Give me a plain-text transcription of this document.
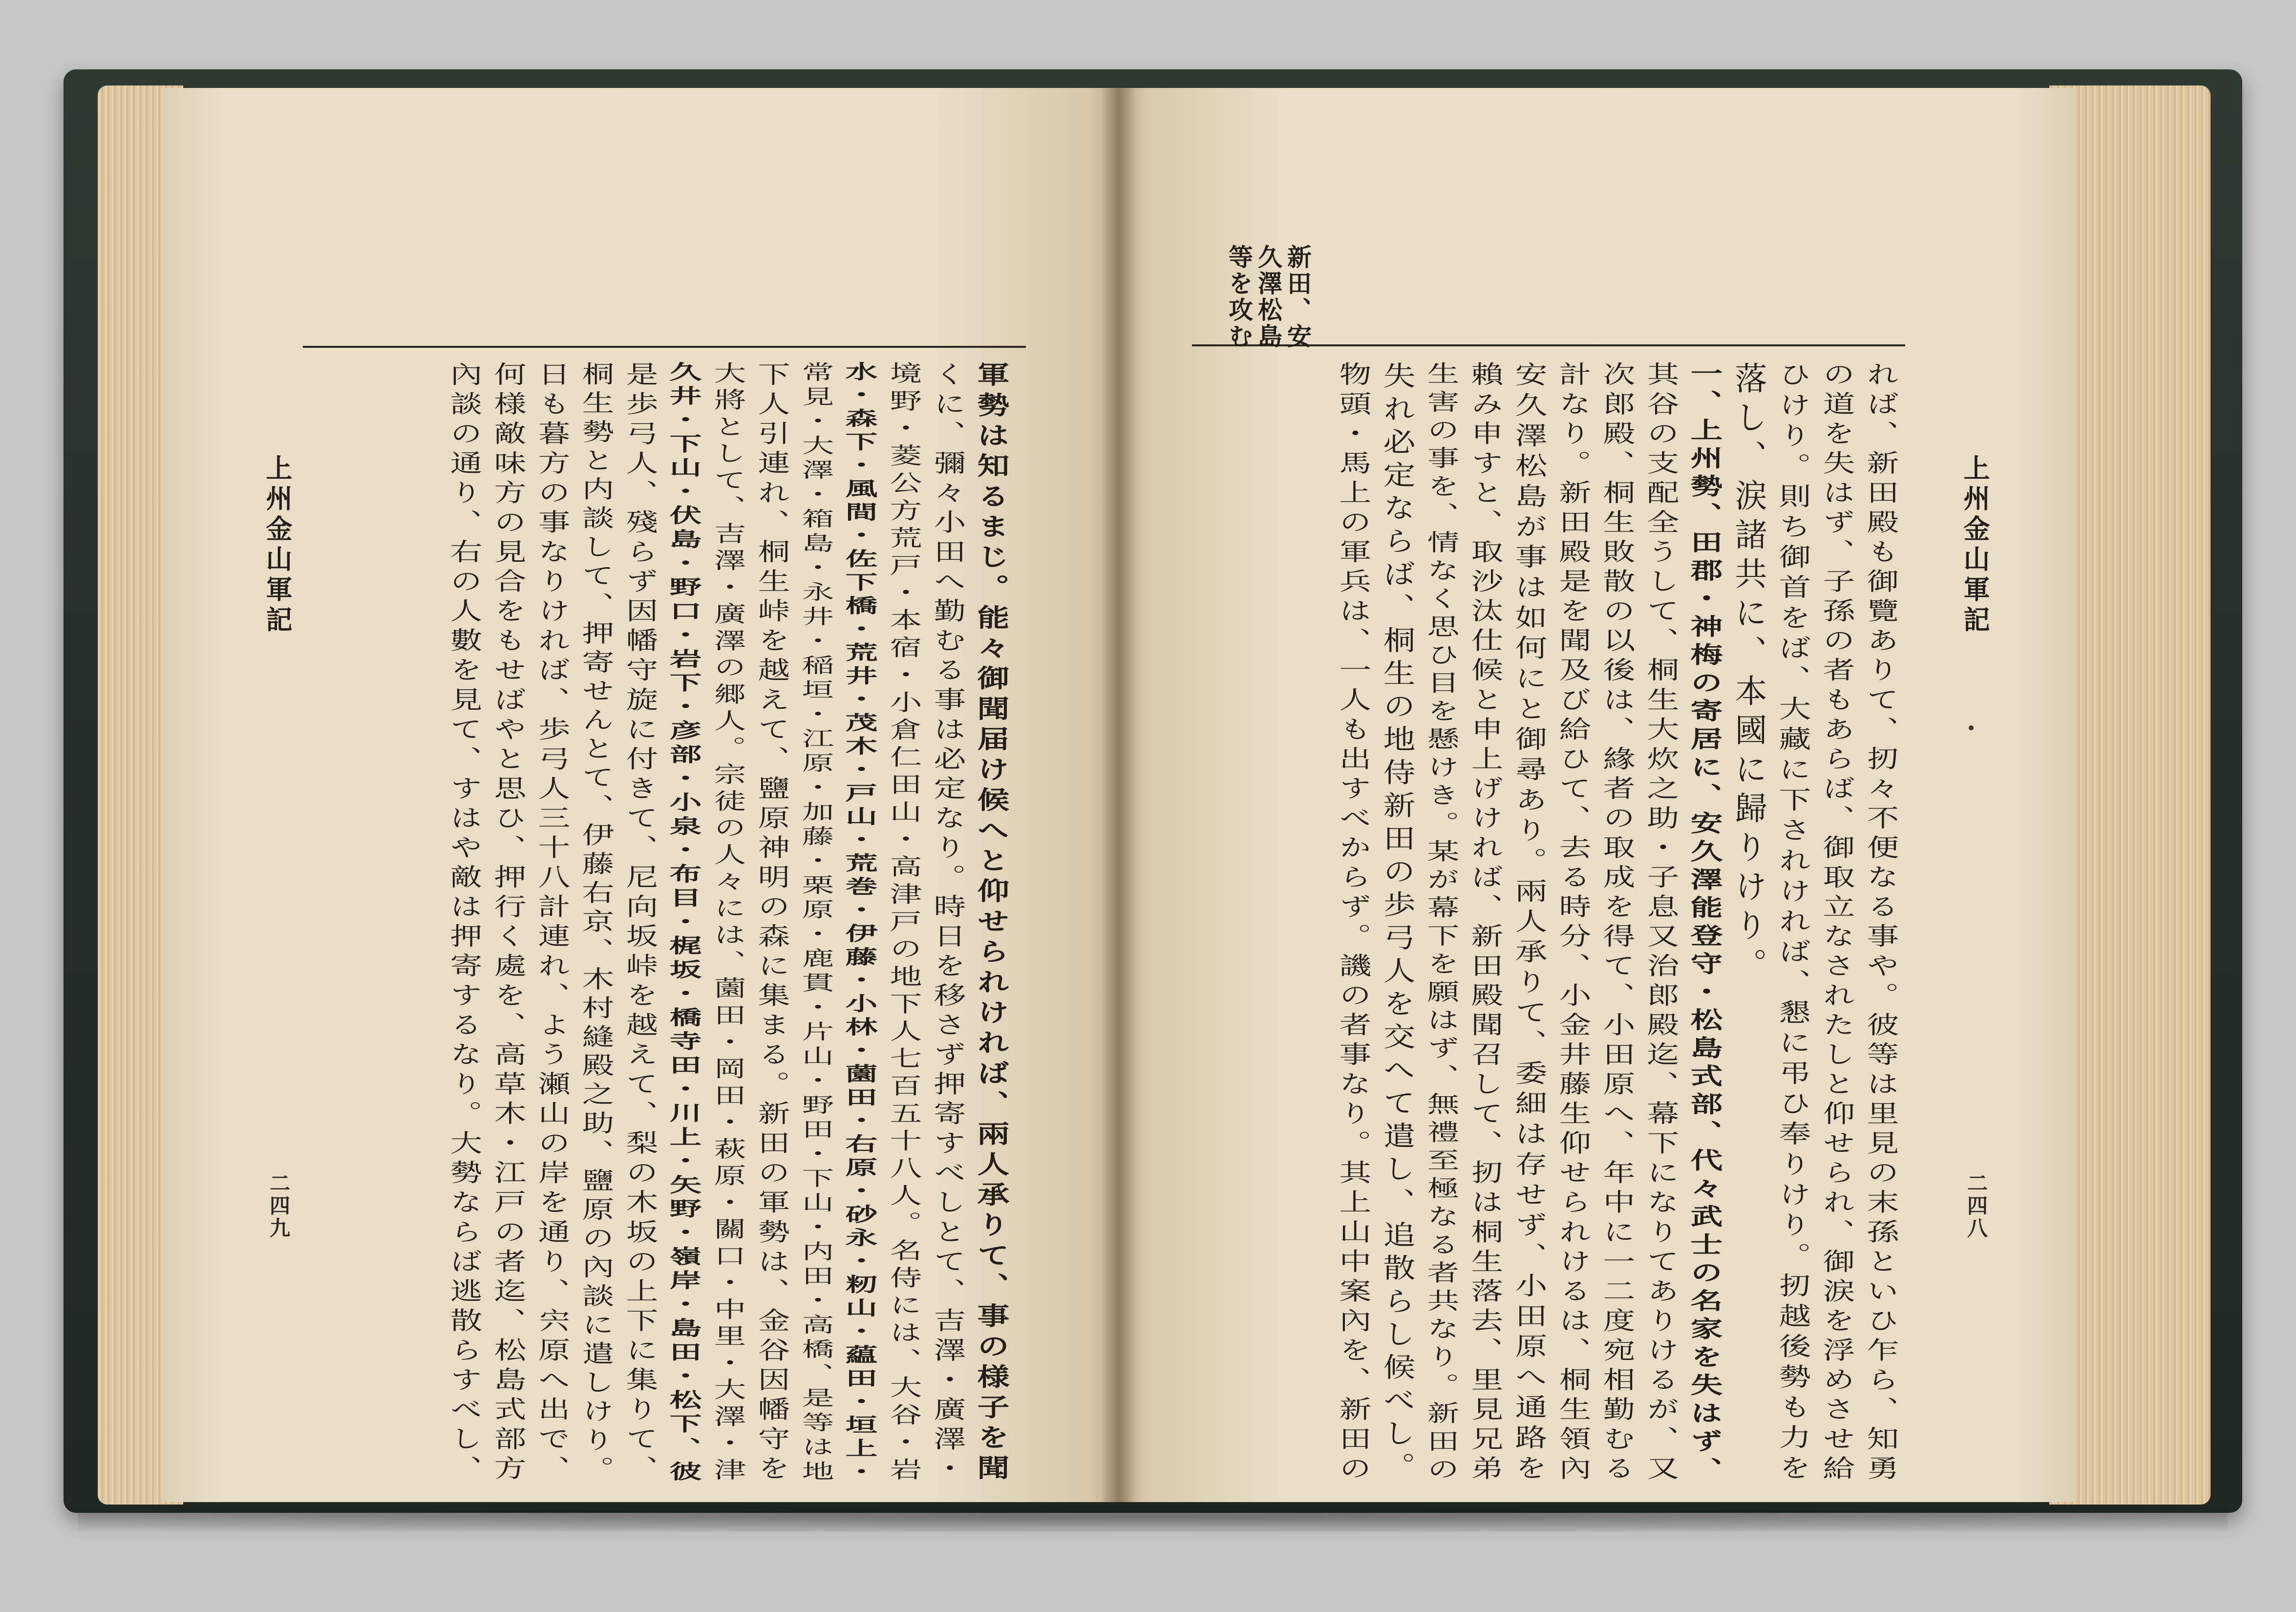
上州金山軍記
二四九	軍勢は知るまじ。能々御聞届け候へと仰せられければ、兩人承りて、事の様子を聞
くに、彌々小田へ勤むる事は必定なり。時日を移さず押寄すべしとて、吉澤・廣澤・
境野・菱公方荒戸・本宿・小倉仁田山・高津戸の地下人七百五十八人。名侍には、大谷・岩
水・森下・風間・佐下橋・荒井・茂木・戸山・荒巻・伊藤・小林・薗田・右原・砂永・籾山・藴田・垣上・
常見・大澤・箱島・永井・稲垣・江原・加藤・栗原・鹿貫・片山・野田・下山・内田・高橋、是等は地
下人引連れ、桐生峠を越えて、鹽原神明の森に集まる。新田の軍勢は、金谷因幡守を
大將として、吉澤・廣澤の郷人。宗徒の人々には、薗田・岡田・萩原・關口・中里・大澤・津
久井・下山・伏島・野口・岩下・彦部・小泉・布目・梶坂・橋寺田・川上・矢野・嶺岸・島田・松下、彼
是歩弓人、殘らず因幡守旋に付きて、尼向坂峠を越えて、梨の木坂の上下に集りて、
桐生勢と内談して、押寄せんとて、伊藤右京、木村縫殿之助、鹽原の內談に遣しけり。
日も暮方の事なりければ、歩弓人三十八計連れ、よう瀬山の岸を通り、宍原へ出で、
何様敵味方の見合をもせばやと思ひ、押行く處を、高草木・江戸の者迄、松島式部方
內談の通り、右の人數を見て、すはや敵は押寄するなり。大勢ならば逃散らすべし、
新田、安
久澤松島
等を攻む
上州金山軍記
二四八
れば、新田殿も御覽ありて、扨々不便なる事や。彼等は里見の末孫といひ乍ら、知勇
の道を失はず、子孫の者もあらば、御取立なされたしと仰せられ、御涙を浮めさせ給
ひけり。則ち御首をば、大藏に下されければ、懇に弔ひ奉りけり。扨越後勢も力を
落し、涙諸共に、本國に歸りけり。
一、上州勢、田郡・神梅の寄居に、安久澤能登守・松島式部、代々武士の名家を失はず、
其谷の支配全うして、桐生大炊之助・子息又治郎殿迄、幕下になりてありけるが、又
次郎殿、桐生敗散の以後は、緣者の取成を得て、小田原へ、年中に一二度宛相勤むる
計なり。新田殿是を聞及び給ひて、去る時分、小金井藤生仰せられけるは、桐生領內
安久澤松島が事は如何にと御尋あり。兩人承りて、委細は存せず、小田原へ通路を
賴み申すと、取沙汰仕候と申上げければ、新田殿聞召して、扨は桐生落去、里見兄弟
生害の事を、情なく思ひ目を懸けき。某が幕下を願はず、無禮至極なる者共なり。新田の
失れ必定ならば、桐生の地侍新田の歩弓人を交へて遣し、追散らし候べし。
物頭・馬上の軍兵は、一人も出すべからず。譏の者事なり。其上山中案內を、新田の
